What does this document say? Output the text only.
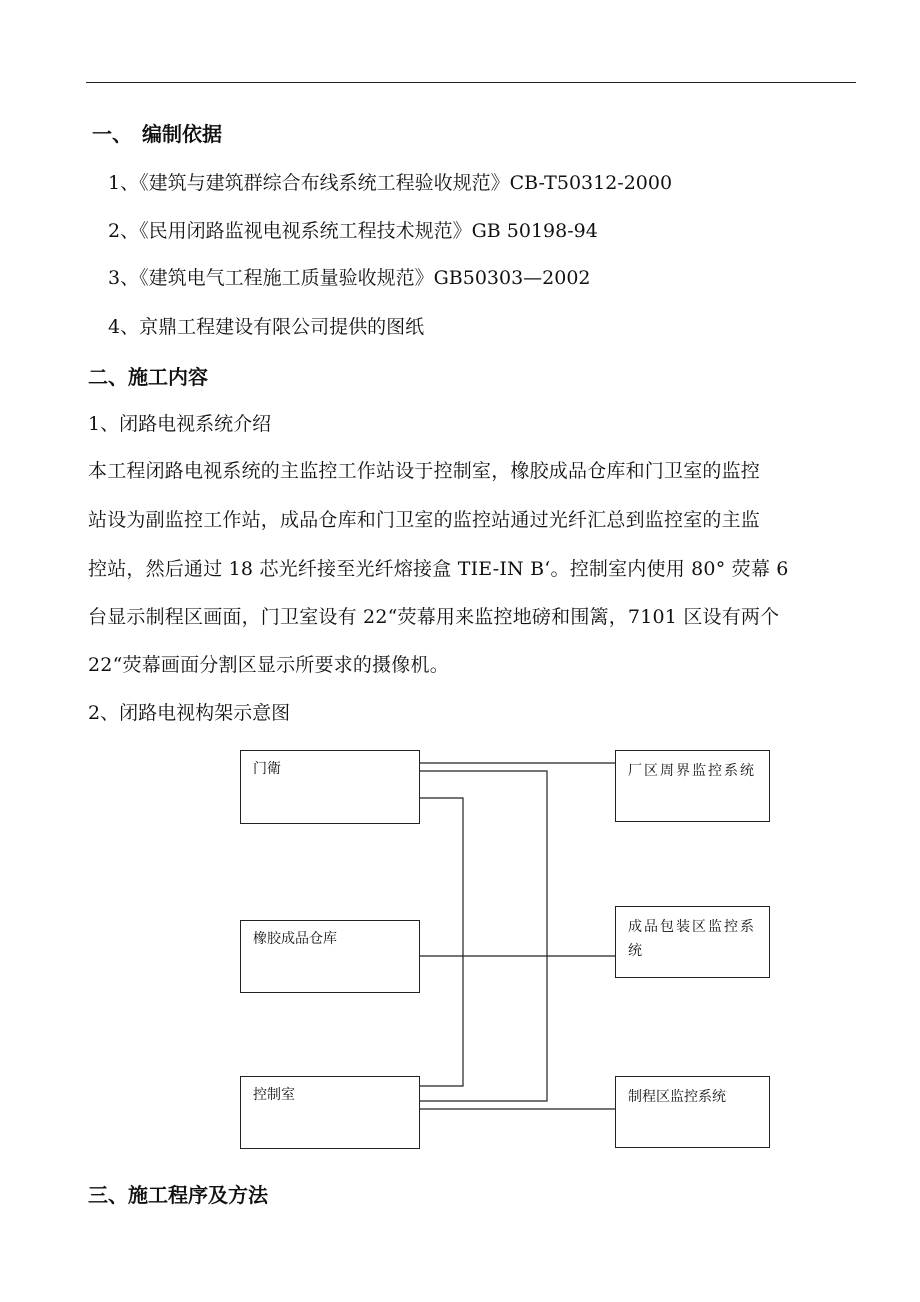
一、　编制依据
1、《建筑与建筑群综合布线系统工程验收规范》CB-T50312-2000
2、《民用闭路监视电视系统工程技术规范》GB 50198-94
3、《建筑电气工程施工质量验收规范》GB50303—2002
4、京鼎工程建设有限公司提供的图纸
二、施工内容
1、闭路电视系统介绍
本工程闭路电视系统的主监控工作站设于控制室，橡胶成品仓库和门卫室的监控
站设为副监控工作站，成品仓库和门卫室的监控站通过光纤汇总到监控室的主监
控站，然后通过 18 芯光纤接至光纤熔接盒 TIE-IN B‘。控制室内使用 80° 荧幕 6
台显示制程区画面，门卫室设有 22“荧幕用来监控地磅和围篱，7101 区设有两个
22“荧幕画面分割区显示所要求的摄像机。
2、闭路电视构架示意图
门衛
橡胶成品仓库
控制室
厂区周界监控系统
成品包装区监控系统
制程区监控系统
三、施工程序及方法
